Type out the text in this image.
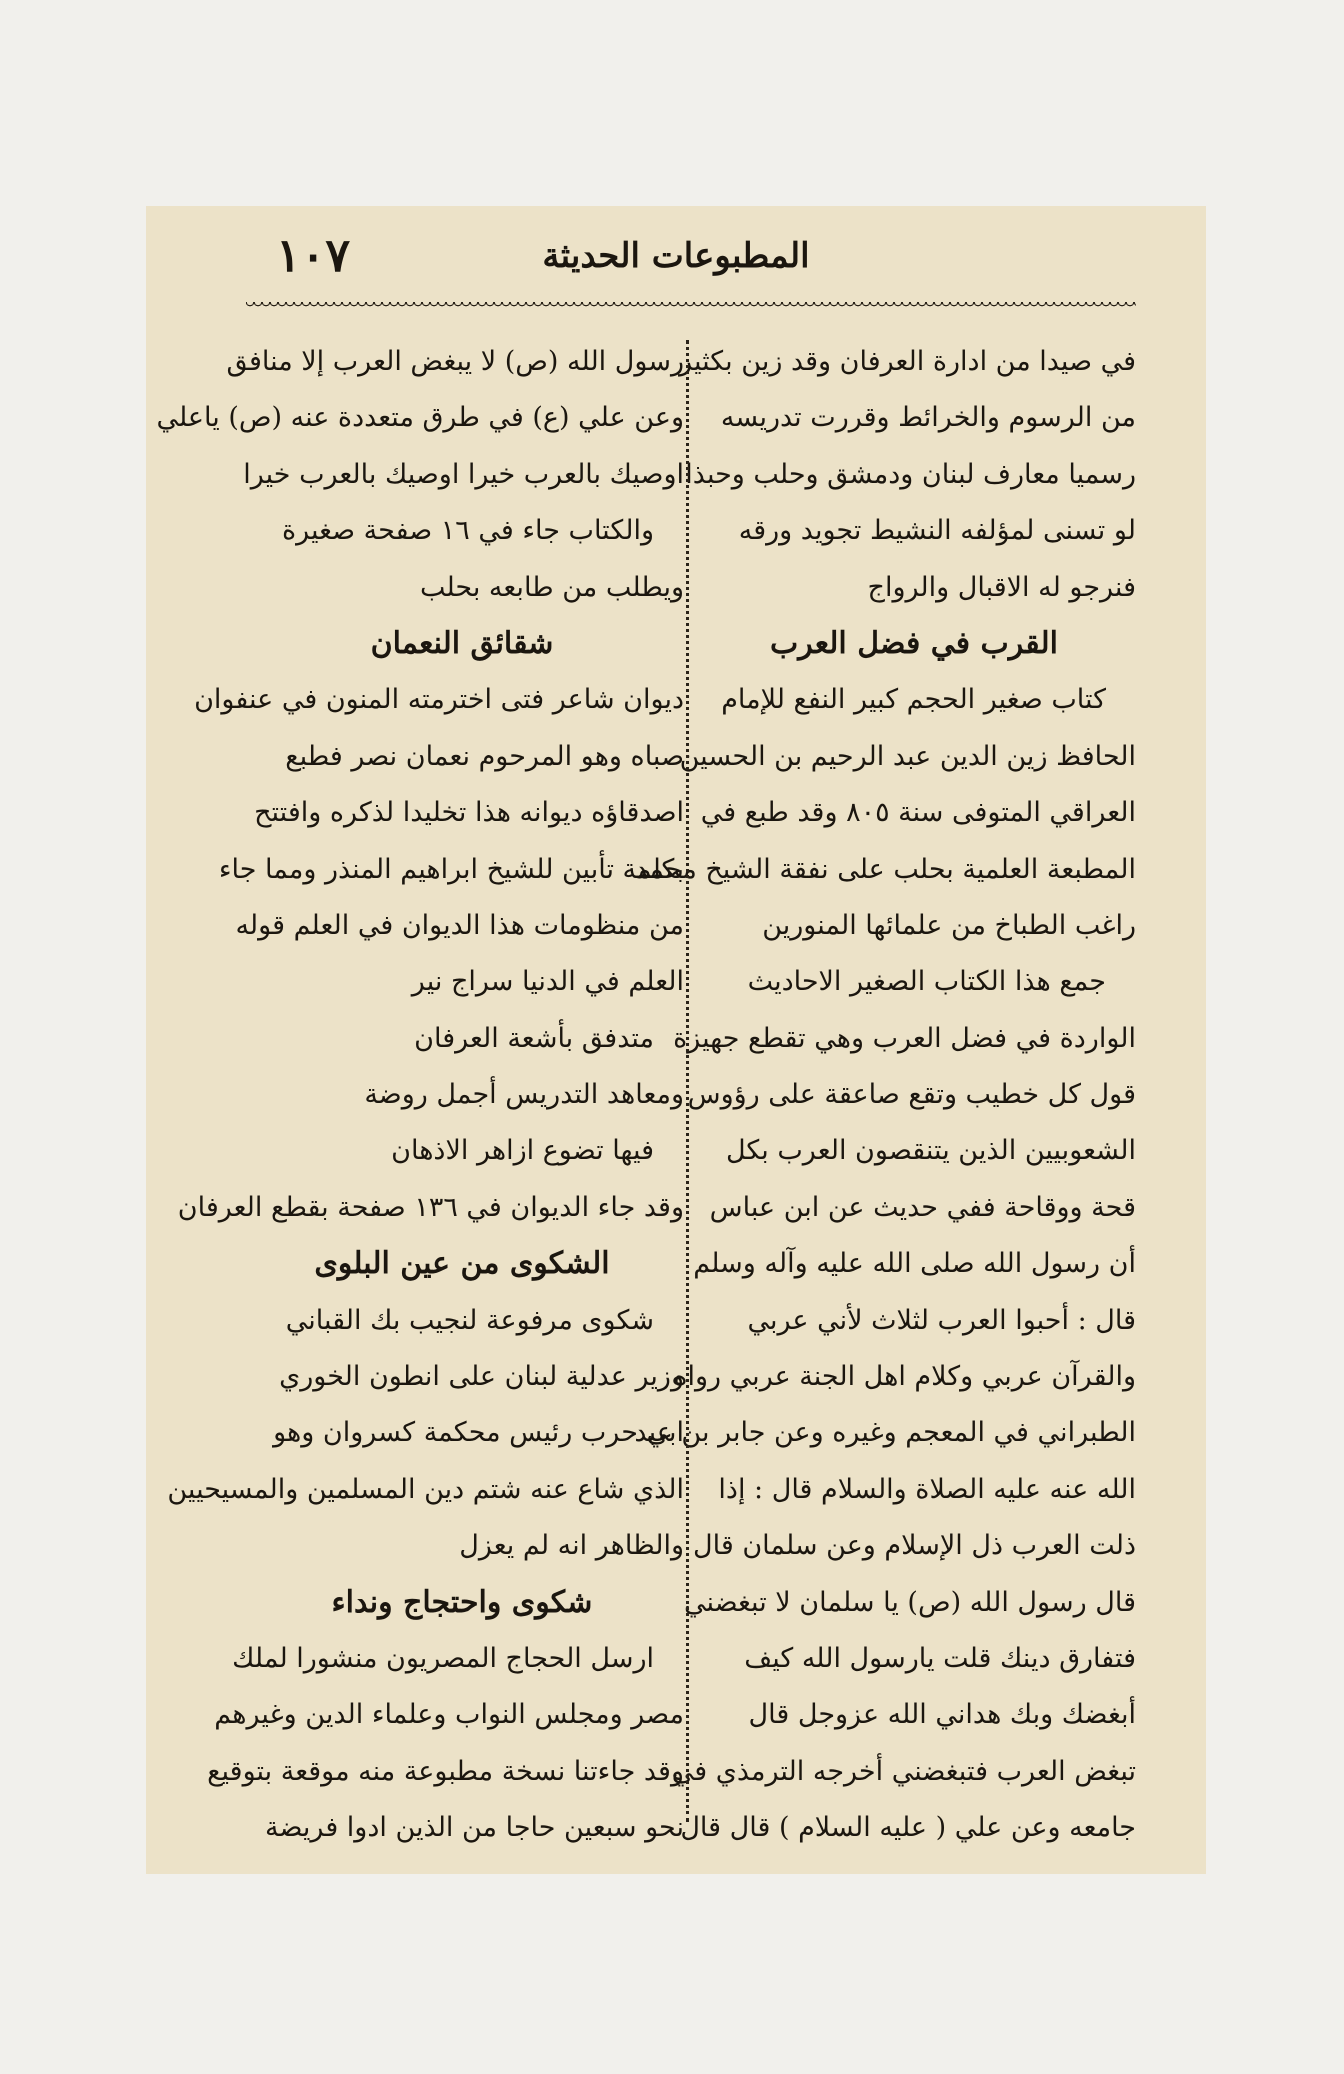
١٠٧	المطبوعات الحديثة
في صيدا من ادارة العرفان وقد زين بكثير
من الرسوم والخرائط وقررت تدريسه
رسميا معارف لبنان ودمشق وحلب وحبذا
لو تسنى لمؤلفه النشيط تجويد ورقه
فنرجو له الاقبال والرواج
القرب في فضل العرب
كتاب صغير الحجم كبير النفع للإمام
الحافظ زين الدين عبد الرحيم بن الحسين
العراقي المتوفى سنة ٨٠٥ وقد طبع في
المطبعة العلمية بحلب على نفقة الشيخ محمد
راغب الطباخ من علمائها المنورين
جمع هذا الكتاب الصغير الاحاديث
الواردة في فضل العرب وهي تقطع جهيزة
قول كل خطيب وتقع صاعقة على رؤوس
الشعوبيين الذين يتنقصون العرب بكل
قحة ووقاحة ففي حديث عن ابن عباس
أن رسول الله صلى الله عليه وآله وسلم
قال : أحبوا العرب لثلاث لأني عربي
والقرآن عربي وكلام اهل الجنة عربي رواه
الطبراني في المعجم وغيره وعن جابر بن عبد
الله عنه عليه الصلاة والسلام قال : إذا
ذلت العرب ذل الإسلام وعن سلمان قال
قال رسول الله (ص) يا سلمان لا تبغضني
فتفارق دينك قلت يارسول الله كيف
أبغضك وبك هداني الله عزوجل قال
تبغض العرب فتبغضني أخرجه الترمذي في
جامعه وعن علي ( عليه السلام ) قال قال
رسول الله (ص) لا يبغض العرب إلا منافق
وعن علي (ع) في طرق متعددة عنه (ص) ياعلي
اوصيك بالعرب خيرا اوصيك بالعرب خيرا
والكتاب جاء في ١٦ صفحة صغيرة
ويطلب من طابعه بحلب
شقائق النعمان
ديوان شاعر فتى اخترمته المنون في عنفوان
صباه وهو المرحوم نعمان نصر فطبع
اصدقاؤه ديوانه هذا تخليدا لذكره وافتتح
بكلمة تأبين للشيخ ابراهيم المنذر ومما جاء
من منظومات هذا الديوان في العلم قوله
العلم في الدنيا سراج نير
متدفق بأشعة العرفان
ومعاهد التدريس أجمل روضة
فيها تضوع ازاهر الاذهان
وقد جاء الديوان في ١٣٦ صفحة بقطع العرفان
الشكوى من عين البلوى
شكوى مرفوعة لنجيب بك القباني
وزير عدلية لبنان على انطون الخوري
ابي حرب رئيس محكمة كسروان وهو
الذي شاع عنه شتم دين المسلمين والمسيحيين
والظاهر انه لم يعزل
شكوى واحتجاج ونداء
ارسل الحجاج المصريون منشورا لملك
مصر ومجلس النواب وعلماء الدين وغيرهم
وقد جاءتنا نسخة مطبوعة منه موقعة بتوقيع
نحو سبعين حاجا من الذين ادوا فريضة
